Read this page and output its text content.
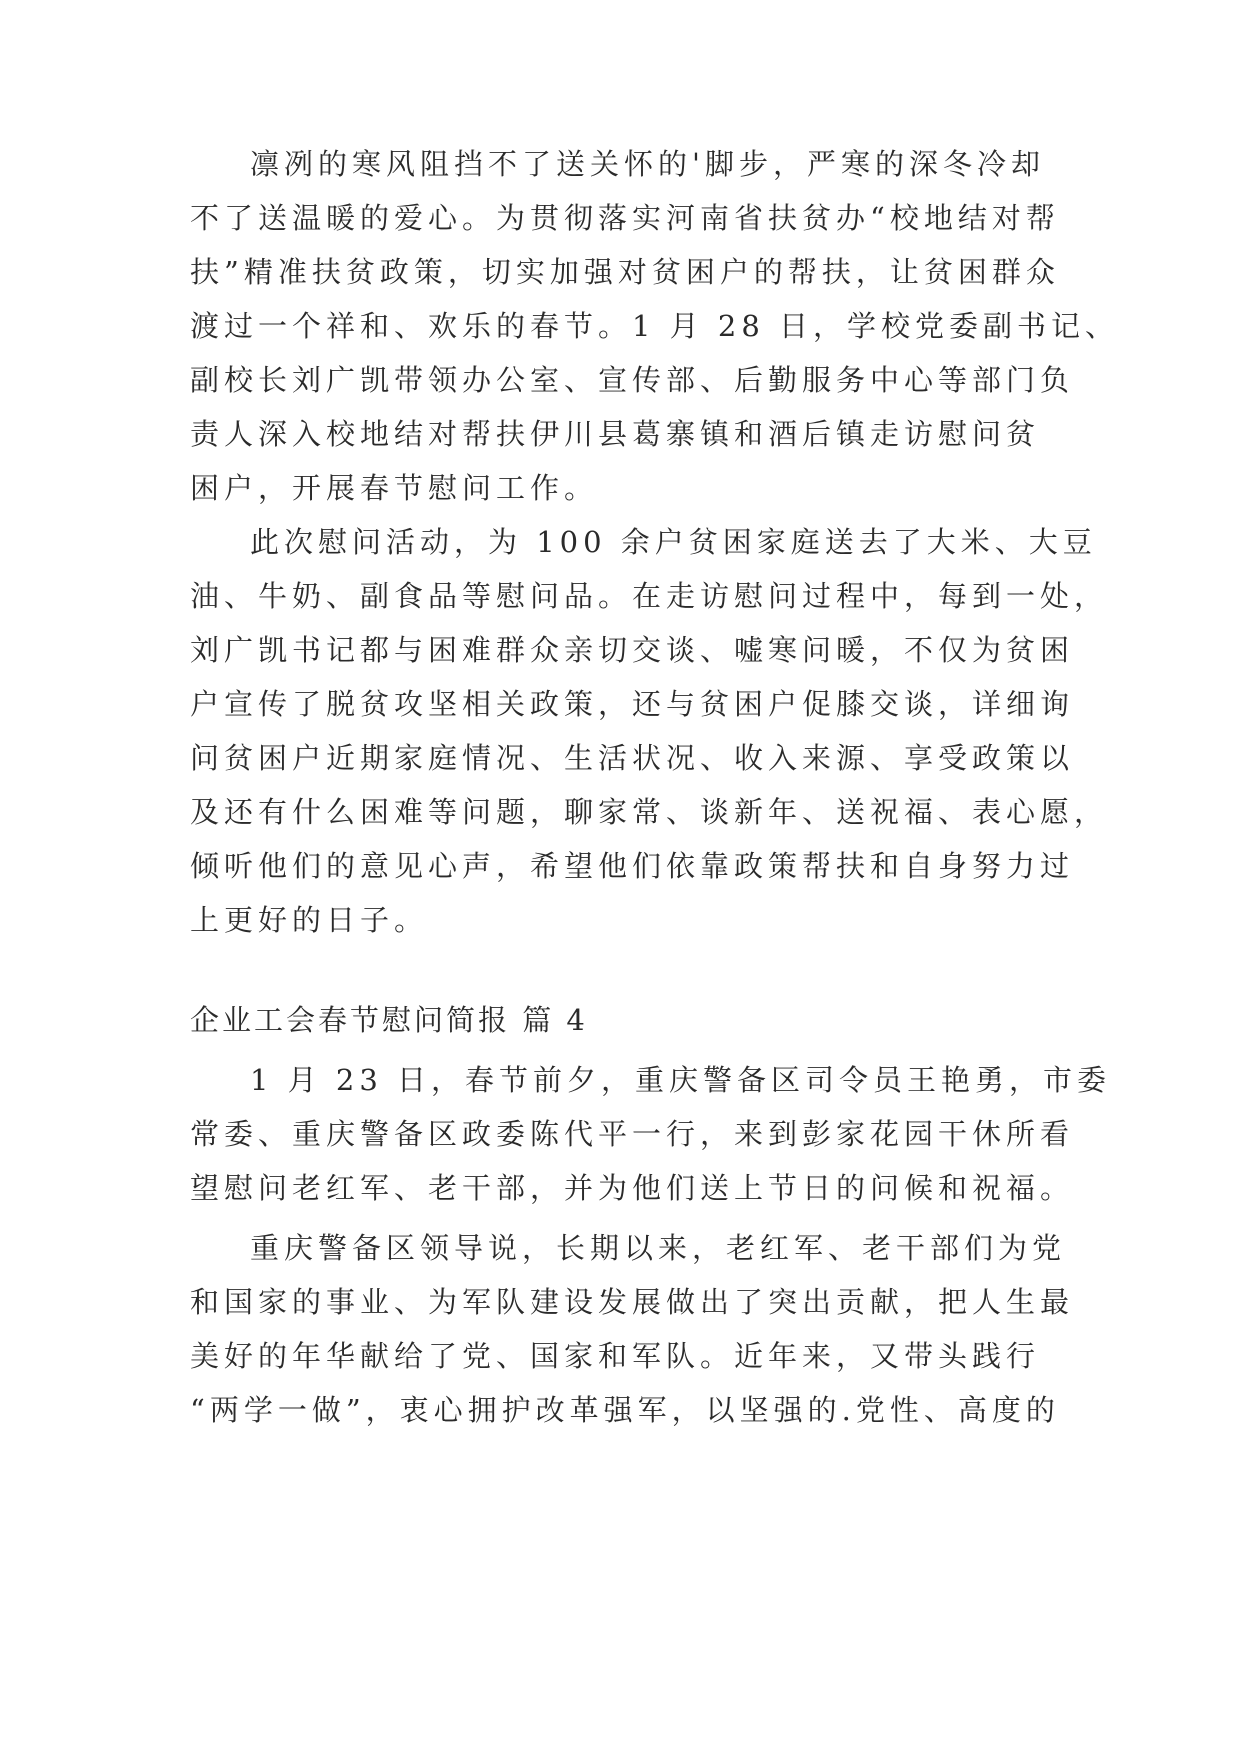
凛冽的寒风阻挡不了送关怀的'脚步，严寒的深冬冷却
不了送温暖的爱心。为贯彻落实河南省扶贫办“校地结对帮
扶”精准扶贫政策，切实加强对贫困户的帮扶，让贫困群众
渡过一个祥和、欢乐的春节。1 月 28 日，学校党委副书记、
副校长刘广凯带领办公室、宣传部、后勤服务中心等部门负
责人深入校地结对帮扶伊川县葛寨镇和酒后镇走访慰问贫
困户，开展春节慰问工作。
此次慰问活动，为 100 余户贫困家庭送去了大米、大豆
油、牛奶、副食品等慰问品。在走访慰问过程中，每到一处，
刘广凯书记都与困难群众亲切交谈、嘘寒问暖，不仅为贫困
户宣传了脱贫攻坚相关政策，还与贫困户促膝交谈，详细询
问贫困户近期家庭情况、生活状况、收入来源、享受政策以
及还有什么困难等问题，聊家常、谈新年、送祝福、表心愿，
倾听他们的意见心声，希望他们依靠政策帮扶和自身努力过
上更好的日子。
企业工会春节慰问简报 篇 4
1 月 23 日，春节前夕，重庆警备区司令员王艳勇，市委
常委、重庆警备区政委陈代平一行，来到彭家花园干休所看
望慰问老红军、老干部，并为他们送上节日的问候和祝福。
重庆警备区领导说，长期以来，老红军、老干部们为党
和国家的事业、为军队建设发展做出了突出贡献，把人生最
美好的年华献给了党、国家和军队。近年来，又带头践行
“两学一做”，衷心拥护改革强军，以坚强的.党性、高度的
